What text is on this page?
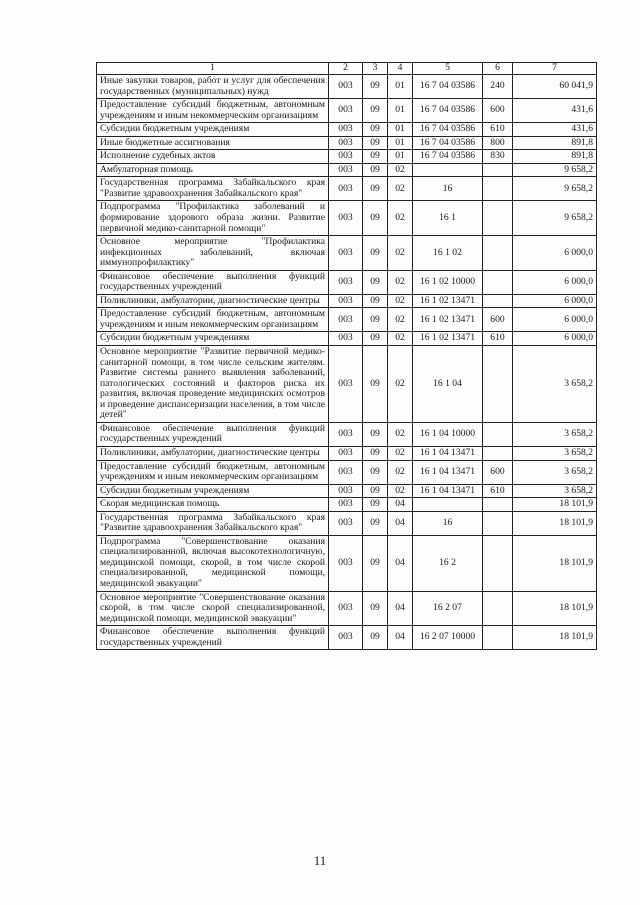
1	2	3	4	5	6	7
Иные закупки товаров, работ и услуг для обеспечения государственных (муниципальных) нужд	003	09	01	16 7 04 03586	240	60 041,9
Предоставление субсидий бюджетным, автономным учреждениям и иным некоммерческим организациям	003	09	01	16 7 04 03586	600	431,6
Субсидии бюджетным учреждениям	003	09	01	16 7 04 03586	610	431,6
Иные бюджетные ассигнования	003	09	01	16 7 04 03586	800	891,8
Исполнение судебных актов	003	09	01	16 7 04 03586	830	891,8
Амбулаторная помощь	003	09	02			9 658,2
Государственная программа Забайкальского края "Развитие здравоохранения Забайкальского края"	003	09	02	16		9 658,2
Подпрограмма "Профилактика заболеваний и формирование здорового образа жизни. Развитие первичной медико-санитарной помощи"	003	09	02	16 1		9 658,2
Основное мероприятие "Профилактика инфекционных заболеваний, включая иммунопрофилактику"	003	09	02	16 1 02		6 000,0
Финансовое обеспечение выполнения функций государственных учреждений	003	09	02	16 1 02 10000		6 000,0
Поликлиники, амбулатории, диагностические центры	003	09	02	16 1 02 13471		6 000,0
Предоставление субсидий бюджетным, автономным учреждениям и иным некоммерческим организациям	003	09	02	16 1 02 13471	600	6 000,0
Субсидии бюджетным учреждениям	003	09	02	16 1 02 13471	610	6 000,0
Основное мероприятие "Развитие первичной медико-санитарной помощи, в том числе сельским жителям. Развитие системы раннего выявления заболеваний, патологических состояний и факторов риска их развития, включая проведение медицинских осмотров и проведение диспансеризации населения, в том числе детей"	003	09	02	16 1 04		3 658,2
Финансовое обеспечение выполнения функций государственных учреждений	003	09	02	16 1 04 10000		3 658,2
Поликлиники, амбулатории, диагностические центры	003	09	02	16 1 04 13471		3 658,2
Предоставление субсидий бюджетным, автономным учреждениям и иным некоммерческим организациям	003	09	02	16 1 04 13471	600	3 658,2
Субсидии бюджетным учреждениям	003	09	02	16 1 04 13471	610	3 658,2
Скорая медицинская помощь	003	09	04			18 101,9
Государственная программа Забайкальского края "Развитие здравоохранения Забайкальского края"	003	09	04	16		18 101,9
Подпрограмма "Совершенствование оказания специализированной, включая высокотехнологичную, медицинской помощи, скорой, в том числе скорой специализированной, медицинской помощи, медицинской эвакуации"	003	09	04	16 2		18 101,9
Основное мероприятие "Совершенствование оказания скорой, в том числе скорой специализированной, медицинской помощи, медицинской эвакуации"	003	09	04	16 2 07		18 101,9
Финансовое обеспечение выполнения функций государственных учреждений	003	09	04	16 2 07 10000		18 101,9
11
